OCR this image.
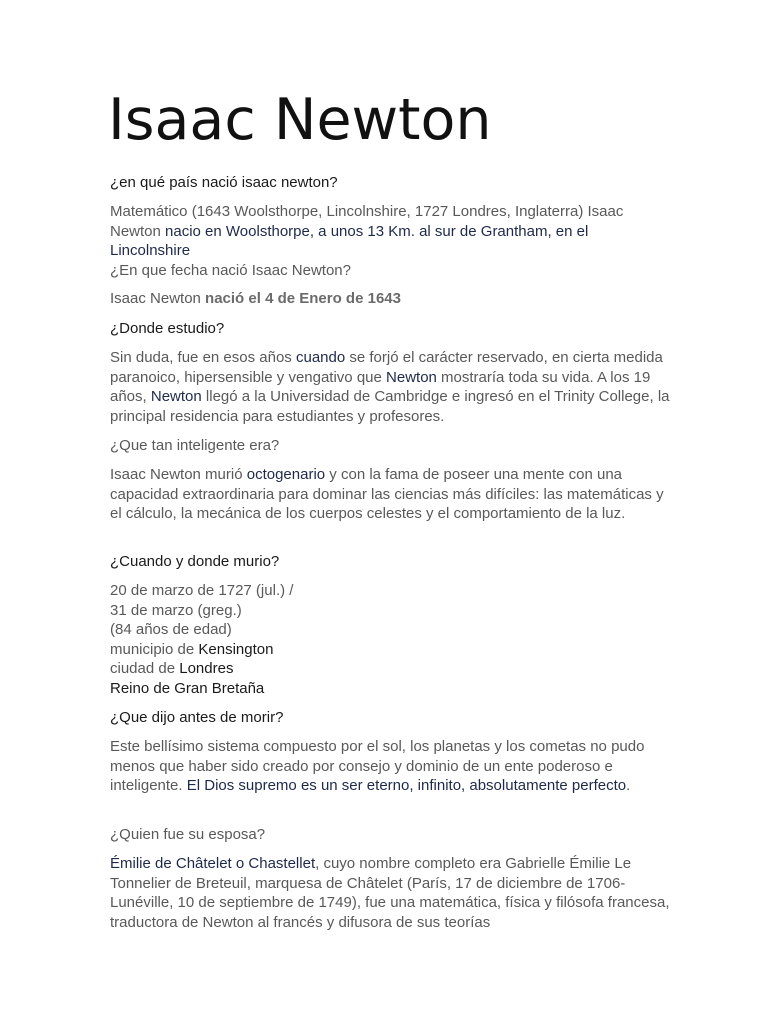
Isaac Newton

¿en qué país nació isaac newton?

Matemático (1643 Woolsthorpe, Lincolnshire, 1727 Londres, Inglaterra) Isaac Newton nacio en Woolsthorpe, a unos 13 Km. al sur de Grantham, en el Lincolnshire
¿En que fecha nació Isaac Newton?

Isaac Newton nació el 4 de Enero de 1643

¿Donde estudio?

Sin duda, fue en esos años cuando se forjó el carácter reservado, en cierta medida paranoico, hipersensible y vengativo que Newton mostraría toda su vida. A los 19 años, Newton llegó a la Universidad de Cambridge e ingresó en el Trinity College, la principal residencia para estudiantes y profesores.

¿Que tan inteligente era?

Isaac Newton murió octogenario y con la fama de poseer una mente con una capacidad extraordinaria para dominar las ciencias más difíciles: las matemáticas y el cálculo, la mecánica de los cuerpos celestes y el comportamiento de la luz.

¿Cuando y donde murio?

20 de marzo de 1727 (jul.) /
31 de marzo (greg.)
(84 años de edad)
municipio de Kensington
ciudad de Londres
Reino de Gran Bretaña

¿Que dijo antes de morir?

Este bellísimo sistema compuesto por el sol, los planetas y los cometas no pudo menos que haber sido creado por consejo y dominio de un ente poderoso e inteligente. El Dios supremo es un ser eterno, infinito, absolutamente perfecto.

¿Quien fue su esposa?

Émilie de Châtelet o Chastellet, cuyo nombre completo era Gabrielle Émilie Le Tonnelier de Breteuil, marquesa de Châtelet (París, 17 de diciembre de 1706-Lunéville, 10 de septiembre de 1749), fue una matemática, física y filósofa francesa, traductora de Newton al francés y difusora de sus teorías
